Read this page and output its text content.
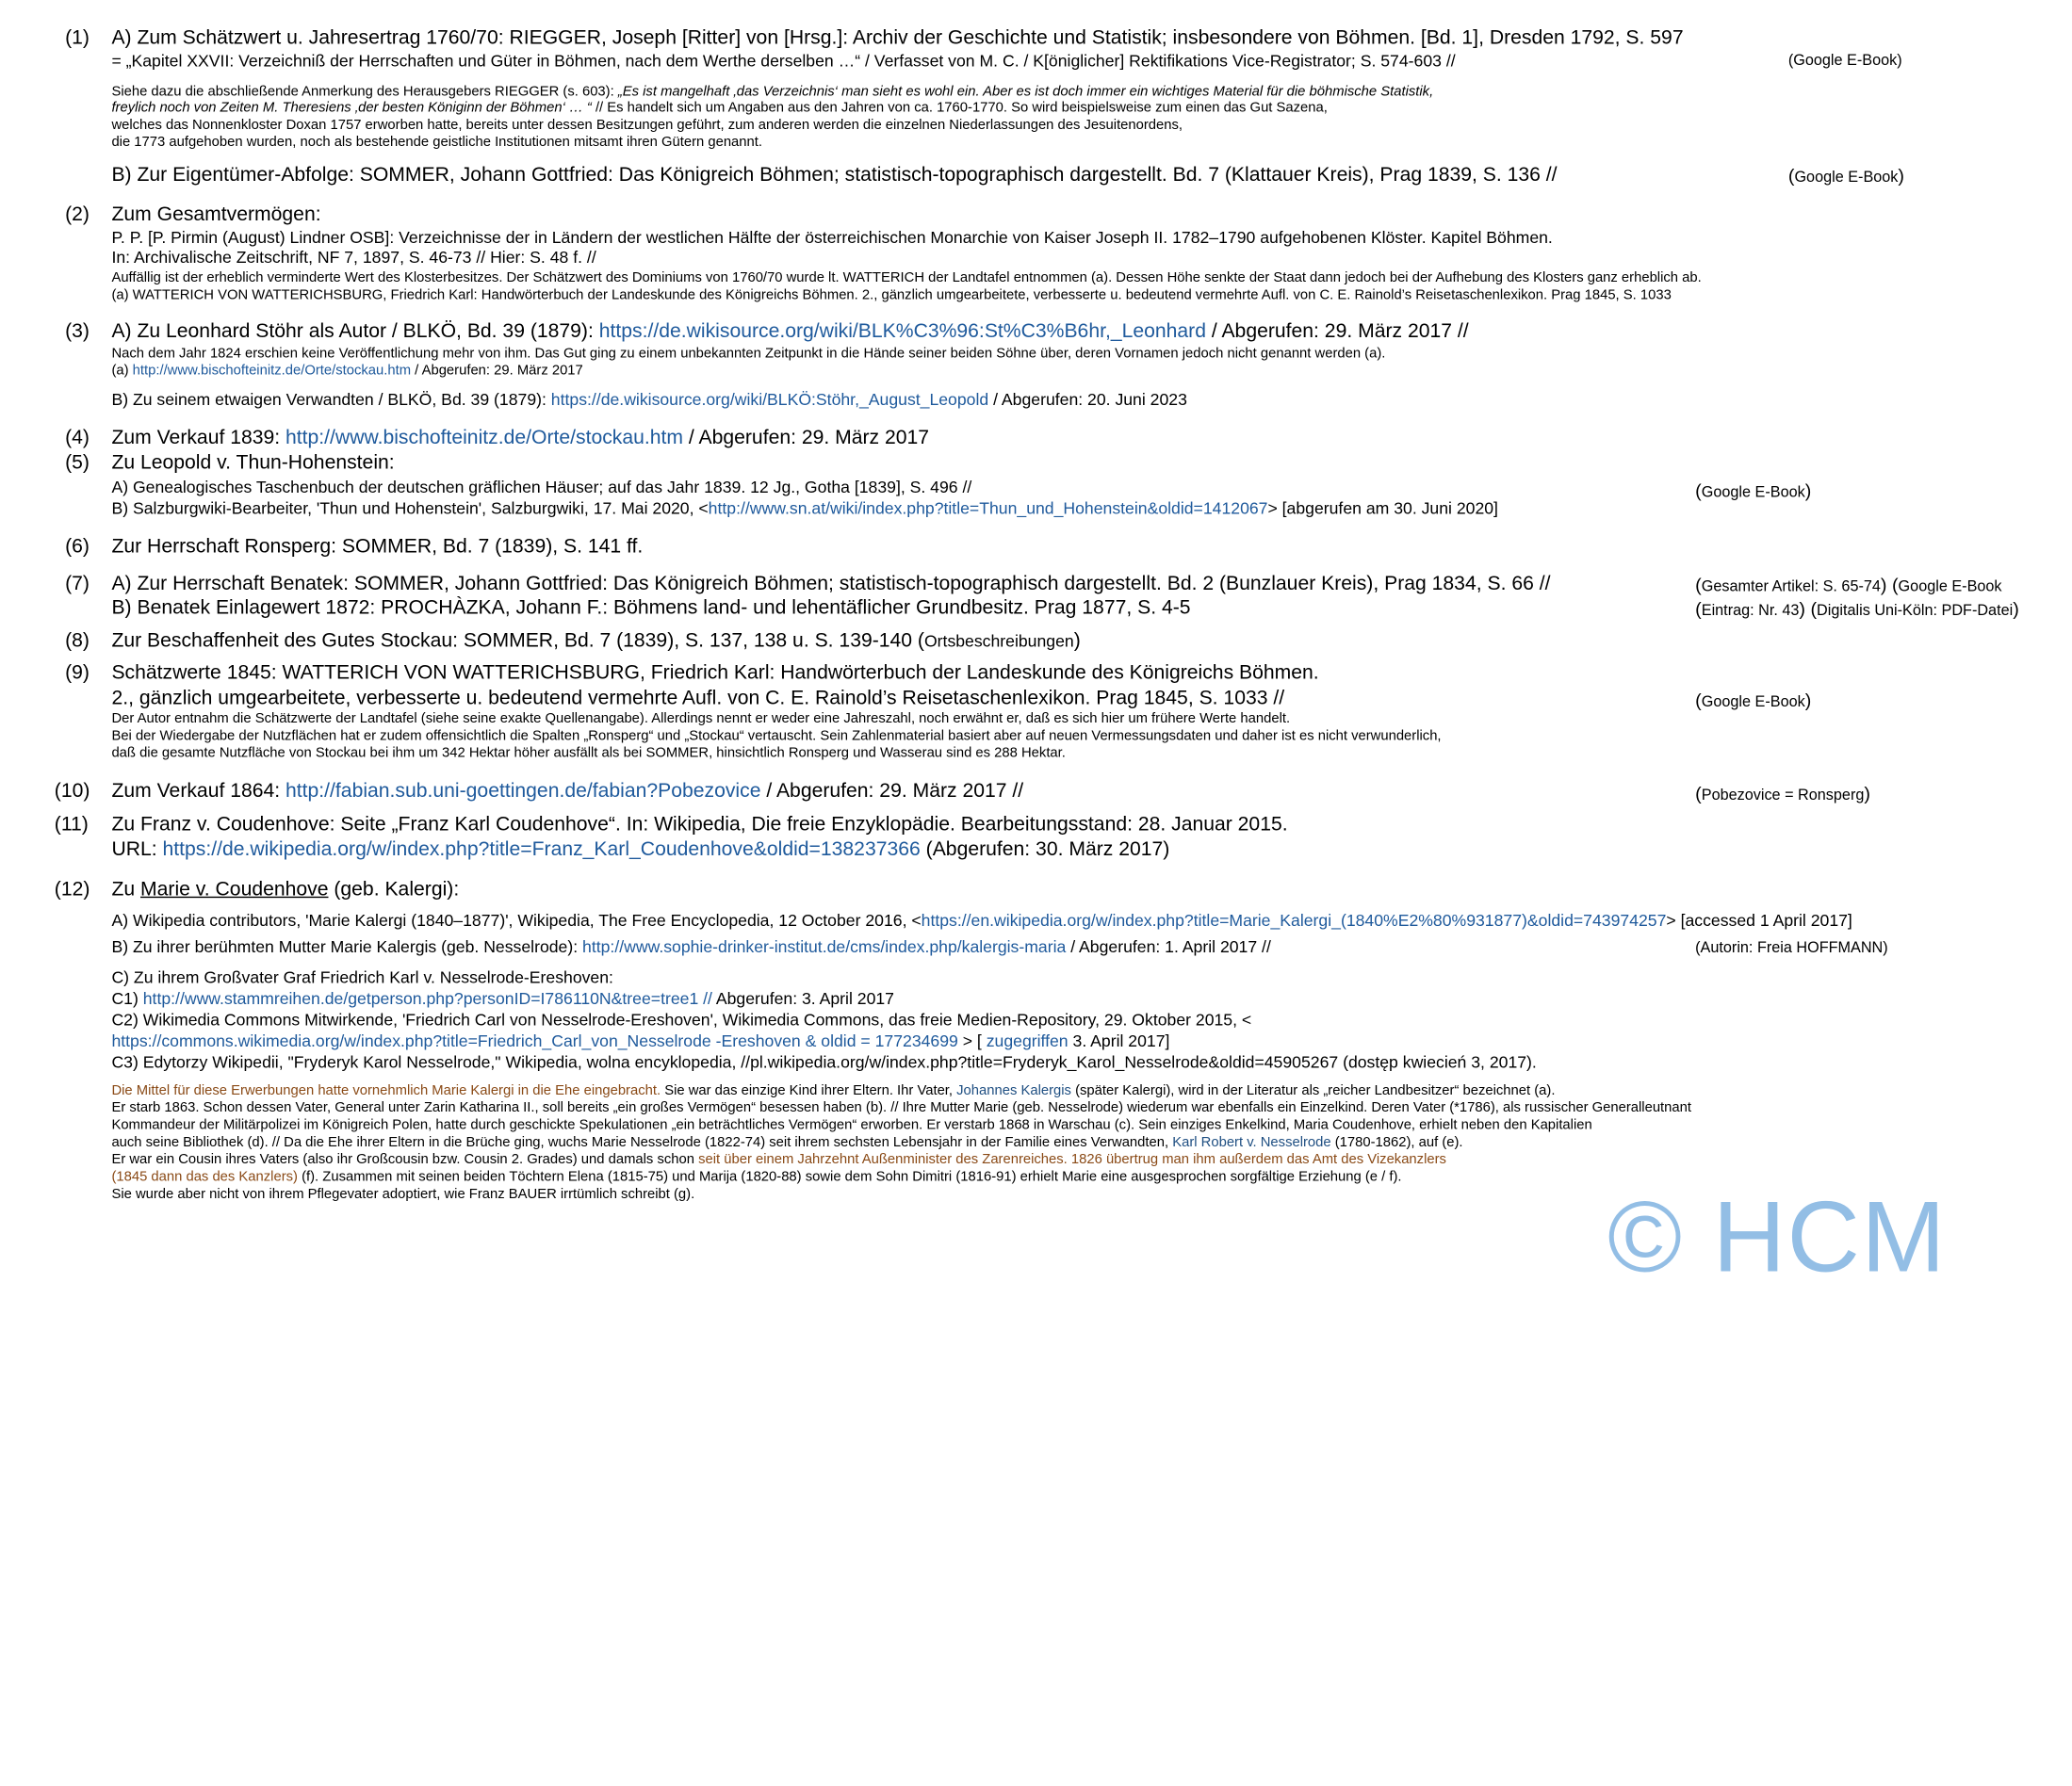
(1) A) Zum Schätzwert u. Jahresertrag 1760/70: RIEGGER, Joseph [Ritter] von [Hrsg.]: Archiv der Geschichte und Statistik; insbesondere von Böhmen. [Bd. 1], Dresden 1792, S. 597
= „Kapitel XXVII: Verzeichniß der Herrschaften und Güter in Böhmen, nach dem Werthe derselben …“ / Verfasset von M. C. / K[öniglicher] Rektifikations Vice-Registrator; S. 574-603 //	(Google E-Book)
Siehe dazu die abschließende Anmerkung des Herausgebers RIEGGER (s. 603): „Es ist mangelhaft ‚das Verzeichnis‘ man sieht es wohl ein. Aber es ist doch immer ein wichtiges Material für die böhmische Statistik,
freylich noch von Zeiten M. Theresiens ‚der besten Königinn der Böhmen‘ … “ // Es handelt sich um Angaben aus den Jahren von ca. 1760-1770. So wird beispielsweise zum einen das Gut Sazena,
welches das Nonnenkloster Doxan 1757 erworben hatte, bereits unter dessen Besitzungen geführt, zum anderen werden die einzelnen Niederlassungen des Jesuitenordens,
die 1773 aufgehoben wurden, noch als bestehende geistliche Institutionen mitsamt ihren Gütern genannt.
B) Zur Eigentümer-Abfolge: SOMMER, Johann Gottfried: Das Königreich Böhmen; statistisch-topographisch dargestellt. Bd. 7 (Klattauer Kreis), Prag 1839, S. 136 //	(Google E-Book)
(2) Zum Gesamtvermögen:
P. P. [P. Pirmin (August) Lindner OSB]: Verzeichnisse der in Ländern der westlichen Hälfte der österreichischen Monarchie von Kaiser Joseph II. 1782–1790 aufgehobenen Klöster. Kapitel Böhmen.
In: Archivalische Zeitschrift, NF 7, 1897, S. 46-73 // Hier: S. 48 f. //
Auffällig ist der erheblich verminderte Wert des Klosterbesitzes. Der Schätzwert des Dominiums von 1760/70 wurde lt. WATTERICH der Landtafel entnommen (a). Dessen Höhe senkte der Staat dann jedoch bei der Aufhebung des Klosters ganz erheblich ab.
(a) WATTERICH VON WATTERICHSBURG, Friedrich Karl: Handwörterbuch der Landeskunde des Königreichs Böhmen. 2., gänzlich umgearbeitete, verbesserte u. bedeutend vermehrte Aufl. von C. E. Rainold’s Reisetaschenlexikon. Prag 1845, S. 1033
(3) A) Zu Leonhard Stöhr als Autor / BLKÖ, Bd. 39 (1879): https://de.wikisource.org/wiki/BLK%C3%96:St%C3%B6hr,_Leonhard / Abgerufen: 29. März 2017 //
Nach dem Jahr 1824 erschien keine Veröffentlichung mehr von ihm. Das Gut ging zu einem unbekannten Zeitpunkt in die Hände seiner beiden Söhne über, deren Vornamen jedoch nicht genannt werden (a).
(a) http://www.bischofteinitz.de/Orte/stockau.htm / Abgerufen: 29. März 2017
B) Zu seinem etwaigen Verwandten / BLKÖ, Bd. 39 (1879): https://de.wikisource.org/wiki/BLKÖ:Stöhr,_August_Leopold / Abgerufen: 20. Juni 2023
(4) Zum Verkauf 1839: http://www.bischofteinitz.de/Orte/stockau.htm / Abgerufen: 29. März 2017
(5) Zu Leopold v. Thun-Hohenstein:
A) Genealogisches Taschenbuch der deutschen gräflichen Häuser; auf das Jahr 1839. 12 Jg., Gotha [1839], S. 496 //	(Google E-Book)
B) Salzburgwiki-Bearbeiter, 'Thun und Hohenstein', Salzburgwiki, 17. Mai 2020, <http://www.sn.at/wiki/index.php?title=Thun_und_Hohenstein&oldid=1412067> [abgerufen am 30. Juni 2020]
(6) Zur Herrschaft Ronsperg: SOMMER, Bd. 7 (1839), S. 141 ff.
(7) A) Zur Herrschaft Benatek: SOMMER, Johann Gottfried: Das Königreich Böhmen; statistisch-topographisch dargestellt. Bd. 2 (Bunzlauer Kreis), Prag 1834, S. 66 //	(Gesamter Artikel: S. 65-74) (Google E-Book
B) Benatek Einlagewert 1872: PROCHÀZKA, Johann F.: Böhmens land- und lehentäflicher Grundbesitz. Prag 1877, S. 4-5	(Eintrag: Nr. 43) (Digitalis Uni-Köln: PDF-Datei)
(8) Zur Beschaffenheit des Gutes Stockau: SOMMER, Bd. 7 (1839), S. 137, 138 u. S. 139-140 (Ortsbeschreibungen)
(9) Schätzwerte 1845: WATTERICH VON WATTERICHSBURG, Friedrich Karl: Handwörterbuch der Landeskunde des Königreichs Böhmen.
2., gänzlich umgearbeitete, verbesserte u. bedeutend vermehrte Aufl. von C. E. Rainold’s Reisetaschenlexikon. Prag 1845, S. 1033 //	(Google E-Book)
Der Autor entnahm die Schätzwerte der Landtafel (siehe seine exakte Quellenangabe). Allerdings nennt er weder eine Jahreszahl, noch erwähnt er, daß es sich hier um frühere Werte handelt.
Bei der Wiedergabe der Nutzflächen hat er zudem offensichtlich die Spalten „Ronsperg“ und „Stockau“ vertauscht. Sein Zahlenmaterial basiert aber auf neuen Vermessungsdaten und daher ist es nicht verwunderlich,
daß die gesamte Nutzfläche von Stockau bei ihm um 342 Hektar höher ausfällt als bei SOMMER, hinsichtlich Ronsperg und Wasserau sind es 288 Hektar.
(10) Zum Verkauf 1864: http://fabian.sub.uni-goettingen.de/fabian?Pobezovice / Abgerufen: 29. März 2017 //	(Pobezovice = Ronsperg)
(11) Zu Franz v. Coudenhove: Seite „Franz Karl Coudenhove“. In: Wikipedia, Die freie Enzyklopädie. Bearbeitungsstand: 28. Januar 2015.
URL: https://de.wikipedia.org/w/index.php?title=Franz_Karl_Coudenhove&oldid=138237366 (Abgerufen: 30. März 2017)
(12) Zu Marie v. Coudenhove (geb. Kalergi):
A) Wikipedia contributors, 'Marie Kalergi (1840–1877)', Wikipedia, The Free Encyclopedia, 12 October 2016, <https://en.wikipedia.org/w/index.php?title=Marie_Kalergi_(1840%E2%80%931877)&oldid=743974257> [accessed 1 April 2017]
B) Zu ihrer berühmten Mutter Marie Kalergis (geb. Nesselrode): http://www.sophie-drinker-institut.de/cms/index.php/kalergis-maria / Abgerufen: 1. April 2017 //	(Autorin: Freia HOFFMANN)
C) Zu ihrem Großvater Graf Friedrich Karl v. Nesselrode-Ereshoven:
C1) http://www.stammreihen.de/getperson.php?personID=I786110N&tree=tree1 // Abgerufen: 3. April 2017
C2) Wikimedia Commons Mitwirkende, 'Friedrich Carl von Nesselrode-Ereshoven', Wikimedia Commons, das freie Medien-Repository, 29. Oktober 2015, <
https://commons.wikimedia.org/w/index.php?title=Friedrich_Carl_von_Nesselrode -Ereshoven & oldid = 177234699 > [ zugegriffen 3. April 2017]
C3) Edytorzy Wikipedii, "Fryderyk Karol Nesselrode," Wikipedia, wolna encyklopedia, //pl.wikipedia.org/w/index.php?title=Fryderyk_Karol_Nesselrode&oldid=45905267 (dostęp kwiecień 3, 2017).
Die Mittel für diese Erwerbungen hatte vornehmlich Marie Kalergi in die Ehe eingebracht. Sie war das einzige Kind ihrer Eltern. Ihr Vater, Johannes Kalergis (später Kalergi), wird in der Literatur als „reicher Landbesitzer“ bezeichnet (a).
Er starb 1863. Schon dessen Vater, General unter Zarin Katharina II., soll bereits „ein großes Vermögen“ besessen haben (b). // Ihre Mutter Marie (geb. Nesselrode) wiederum war ebenfalls ein Einzelkind. Deren Vater (*1786), als russischer Generalleutnant
Kommandeur der Militärpolizei im Königreich Polen, hatte durch geschickte Spekulationen „ein beträchtliches Vermögen“ erworben. Er verstarb 1868 in Warschau (c). Sein einziges Enkelkind, Maria Coudenhove, erhielt neben den Kapitalien
auch seine Bibliothek (d). // Da die Ehe ihrer Eltern in die Brüche ging, wuchs Marie Nesselrode (1822-74) seit ihrem sechsten Lebensjahr in der Familie eines Verwandten, Karl Robert v. Nesselrode (1780-1862), auf (e).
Er war ein Cousin ihres Vaters (also ihr Großcousin bzw. Cousin 2. Grades) und damals schon seit über einem Jahrzehnt Außenminister des Zarenreiches. 1826 übertrug man ihm außerdem das Amt des Vizekanzlers
(1845 dann das des Kanzlers) (f). Zusammen mit seinen beiden Töchtern Elena (1815-75) und Marija (1820-88) sowie dem Sohn Dimitri (1816-91) erhielt Marie eine ausgesprochen sorgfältige Erziehung (e / f).
Sie wurde aber nicht von ihrem Pflegevater adoptiert, wie Franz BAUER irrtümlich schreibt (g).	© HCM
